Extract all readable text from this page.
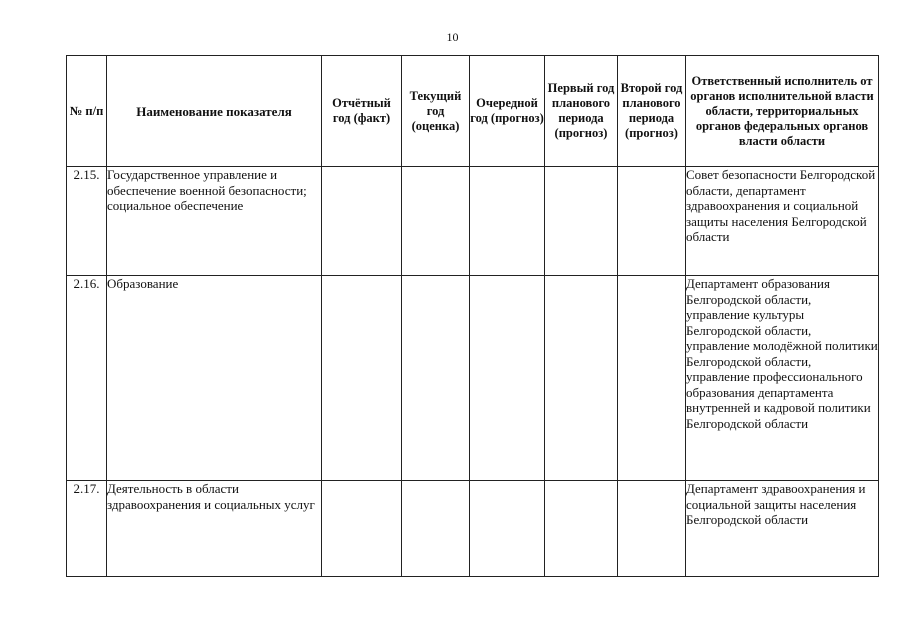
10
№ п/п	Наименование показателя	Отчётный год (факт)	Текущий год (оценка)	Очередной год (прогноз)	Первый год планового периода (прогноз)	Второй год планового периода (прогноз)	Ответственный исполнитель от органов исполнительной власти области, территориальных органов федеральных органов власти области
2.15.	Государственное управление и обеспечение военной безопасности; социальное обеспечение						Совет безопасности Белгородской области, департамент здравоохранения и социальной защиты населения Белгородской области
2.16.	Образование						Департамент образования Белгородской области, управление культуры Белгородской области, управление молодёжной политики Белгородской области, управление профессионального образования департамента внутренней и кадровой политики Белгородской области
2.17.	Деятельность в области здравоохранения и социальных услуг						Департамент здравоохранения и социальной защиты населения Белгородской области
